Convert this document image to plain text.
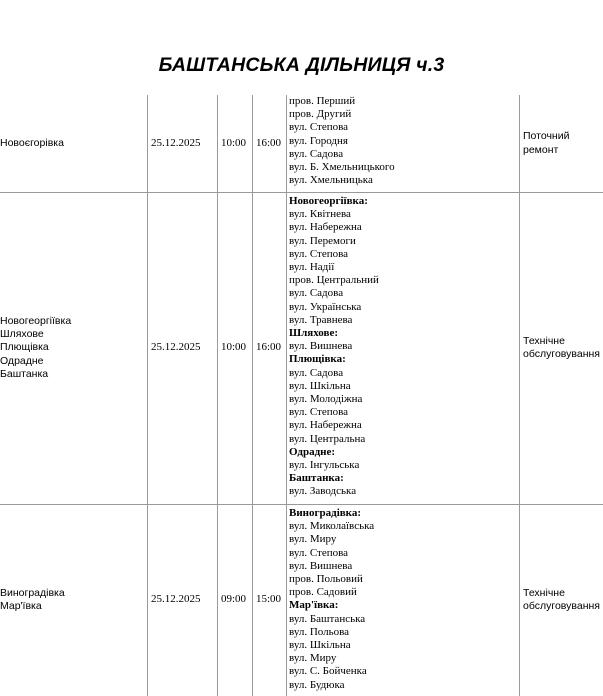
БАШТАНСЬКА ДІЛЬНИЦЯ ч.3
Новоєгорівка	25.12.2025 10:00 16:00
пров. Перший
пров. Другий
вул. Степова
вул. Городня
вул. Садова
вул. Б. Хмельницького
вул. Хмельницька
Поточний
ремонт
Новогеоргіївка
Шляхове
Плющівка
Одрадне
Баштанка
25.12.2025 10:00 16:00
Новогеоргіївка:
вул. Квітнева
вул. Набережна
вул. Перемоги
вул. Степова
вул. Надії
пров. Центральний
вул. Садова
вул. Українська
вул. Травнева
Шляхове:
вул. Вишнева
Плющівка:
вул. Садова
вул. Шкільна
вул. Молодіжна
вул. Степова
вул. Набережна
вул. Центральна
Одрадне:
вул. Інгульська
Баштанка:
вул. Заводська
Технічне
обслуговування
Виноградівка
Мар'ївка
25.12.2025 09:00 15:00
Виноградівка:
вул. Миколаївська
вул. Миру
вул. Степова
вул. Вишнева
пров. Польовий
пров. Садовий
Мар'ївка:
вул. Баштанська
вул. Польова
вул. Шкільна
вул. Миру
вул. С. Бойченка
вул. Будюка
Технічне
обслуговування
